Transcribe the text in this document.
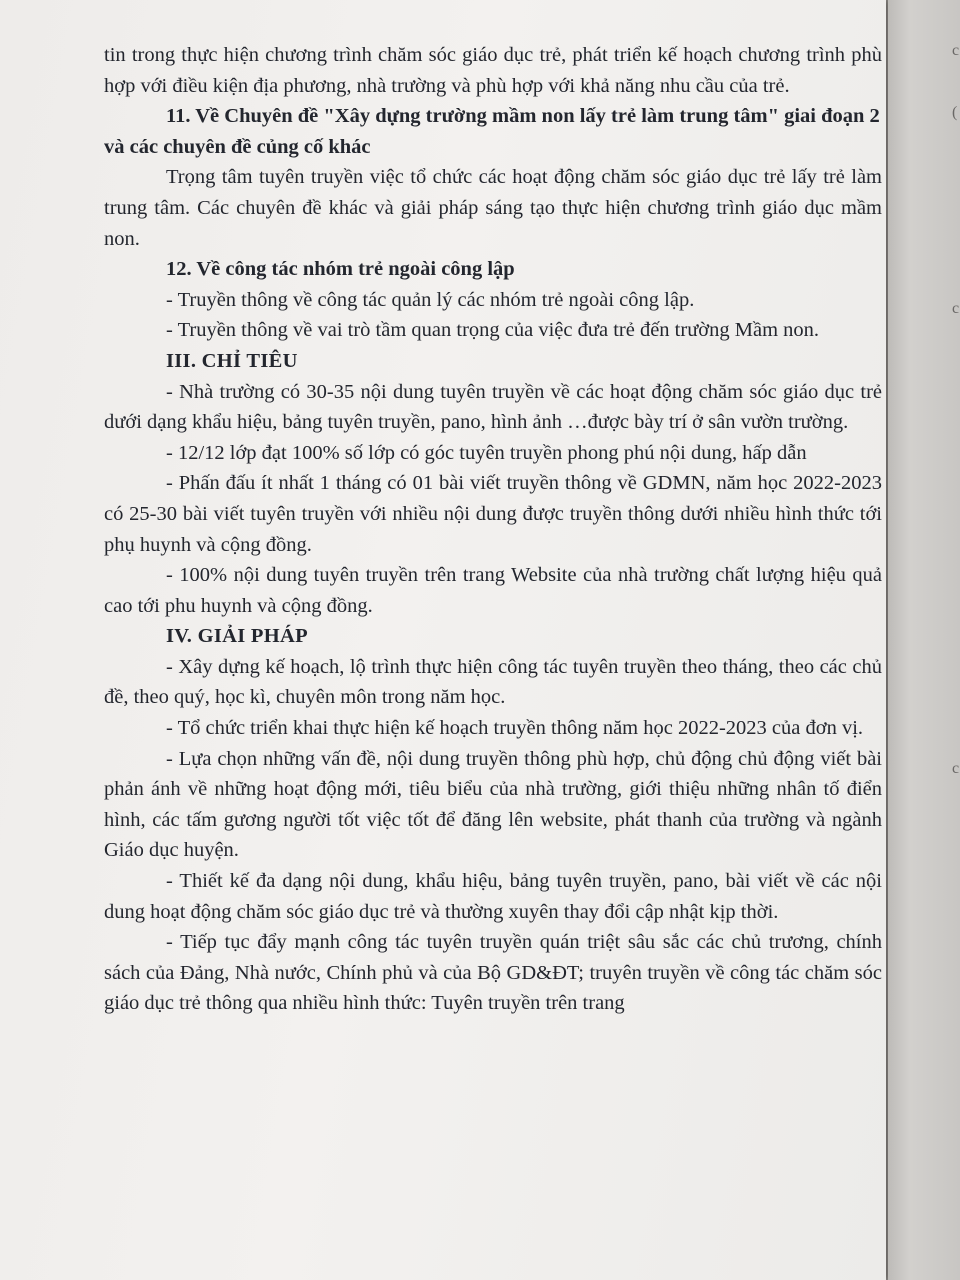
tin trong thực hiện chương trình chăm sóc giáo dục trẻ, phát triển kế hoạch chương trình phù hợp với điều kiện địa phương, nhà trường và phù hợp với khả năng nhu cầu của trẻ.

11. Về Chuyên đề "Xây dựng trường mầm non lấy trẻ làm trung tâm" giai đoạn 2 và các chuyên đề củng cố khác

Trọng tâm tuyên truyền việc tổ chức các hoạt động chăm sóc giáo dục trẻ lấy trẻ làm trung tâm. Các chuyên đề khác và giải pháp sáng tạo thực hiện chương trình giáo dục mầm non.

12. Về công tác nhóm trẻ ngoài công lập

- Truyền thông về công tác quản lý các nhóm trẻ ngoài công lập.

- Truyền thông về vai trò tầm quan trọng của việc đưa trẻ đến trường Mầm non.

III. CHỈ TIÊU

- Nhà trường có 30-35 nội dung tuyên truyền về các hoạt động chăm sóc giáo dục trẻ dưới dạng khẩu hiệu, bảng tuyên truyền, pano, hình ảnh …được bày trí ở sân vườn trường.

- 12/12 lớp đạt 100% số lớp có góc tuyên truyền phong phú nội dung, hấp dẫn

- Phấn đấu ít nhất 1 tháng có 01 bài viết truyền thông về GDMN, năm học 2022-2023 có 25-30 bài viết tuyên truyền với nhiều nội dung được truyền thông dưới nhiều hình thức tới phụ huynh và cộng đồng.

- 100% nội dung tuyên truyền trên trang Website của nhà trường chất lượng hiệu quả cao tới phu huynh và cộng đồng.

IV. GIẢI PHÁP

- Xây dựng kế hoạch, lộ trình thực hiện công tác tuyên truyền theo tháng, theo các chủ đề, theo quý, học kì, chuyên môn trong năm học.

- Tổ chức triển khai thực hiện kế hoạch truyền thông năm học 2022-2023 của đơn vị.

- Lựa chọn những vấn đề, nội dung truyền thông phù hợp, chủ động chủ động viết bài phản ánh về những hoạt động mới, tiêu biểu của nhà trường, giới thiệu những nhân tố điển hình, các tấm gương người tốt việc tốt để đăng lên website, phát thanh của trường và ngành Giáo dục huyện.

- Thiết kế đa dạng nội dung, khẩu hiệu, bảng tuyên truyền, pano, bài viết về các nội dung hoạt động chăm sóc giáo dục trẻ và thường xuyên thay đổi cập nhật kịp thời.

- Tiếp tục đẩy mạnh công tác tuyên truyền quán triệt sâu sắc các chủ trương, chính sách của Đảng, Nhà nước, Chính phủ và của Bộ GD&ĐT; truyên truyền về công tác chăm sóc giáo dục trẻ thông qua nhiều hình thức: Tuyên truyền trên trang

c
(
c
c
